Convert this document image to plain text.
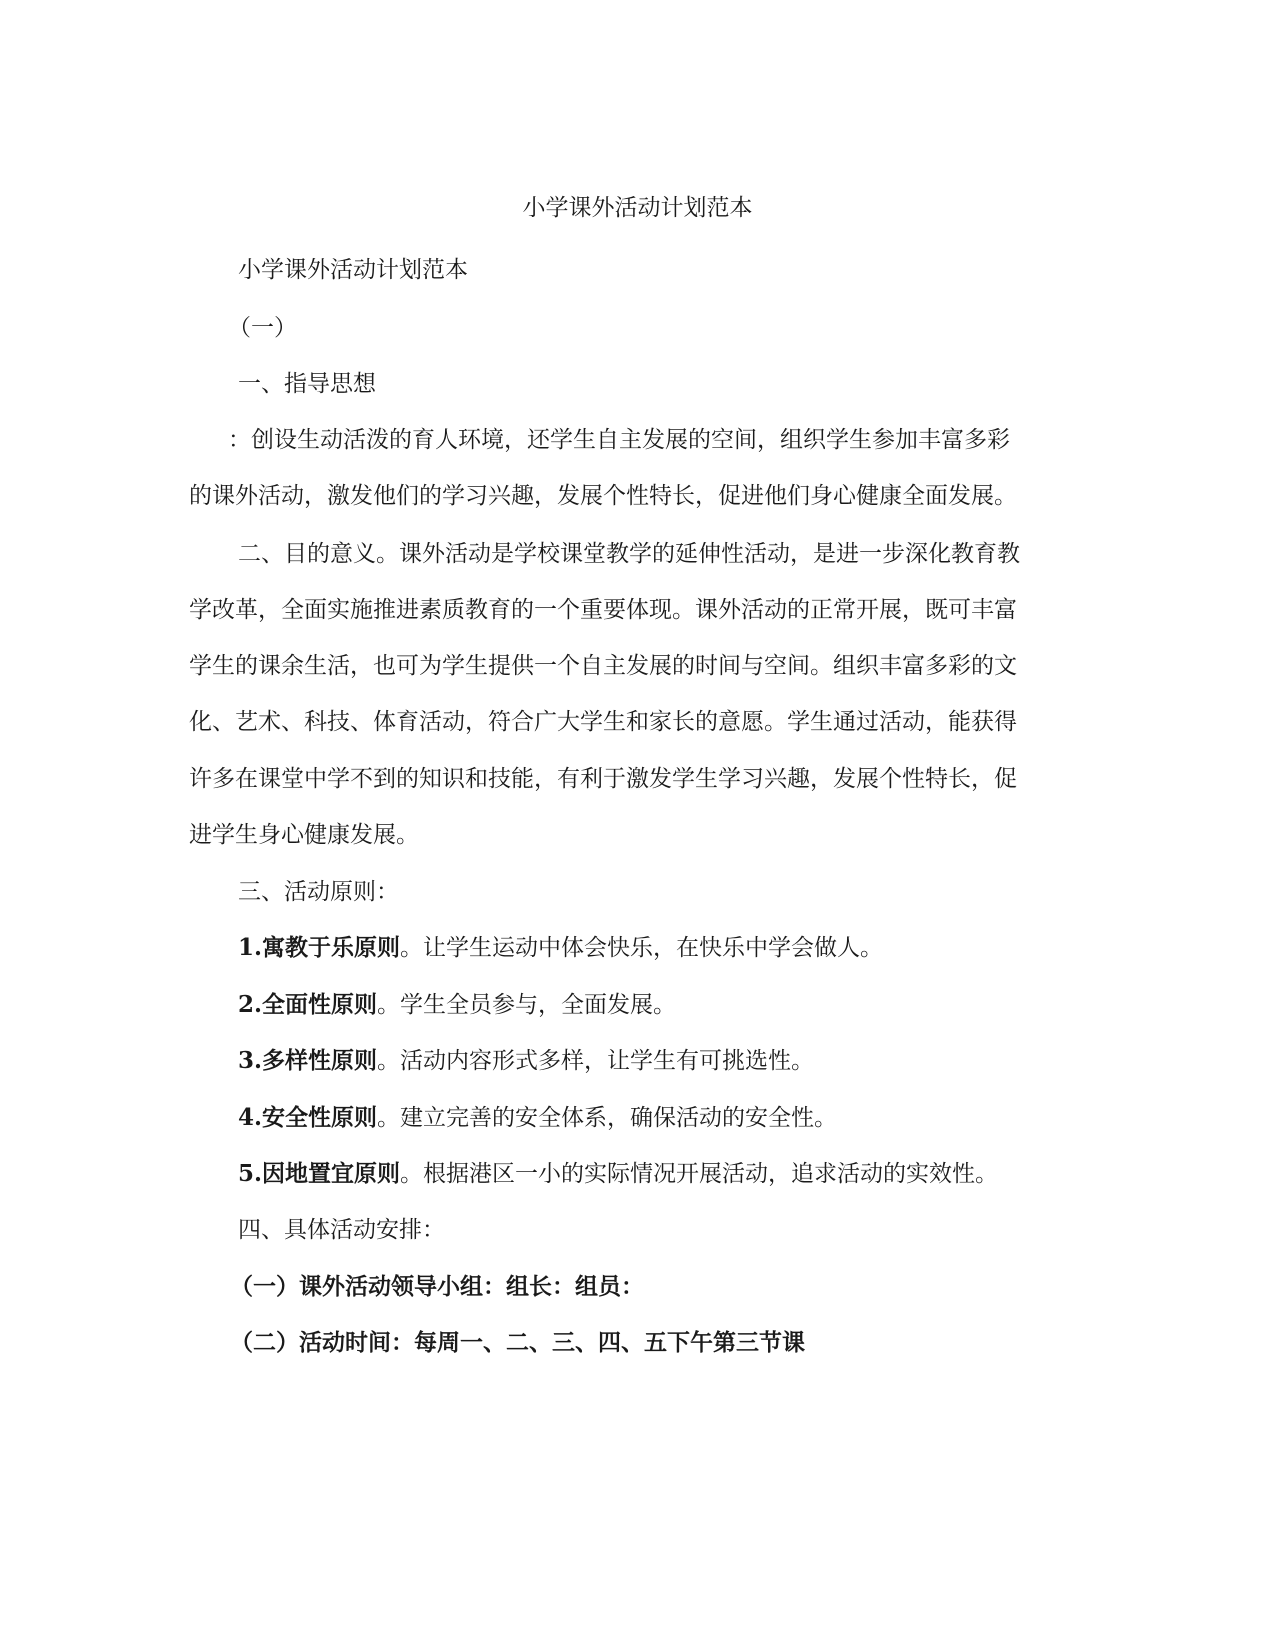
小学课外活动计划范本
小学课外活动计划范本
（一）
一、指导思想
：创设生动活泼的育人环境，还学生自主发展的空间，组织学生参加丰富多彩
的课外活动，激发他们的学习兴趣，发展个性特长，促进他们身心健康全面发展。
二、目的意义。课外活动是学校课堂教学的延伸性活动，是进一步深化教育教
学改革，全面实施推进素质教育的一个重要体现。课外活动的正常开展，既可丰富
学生的课余生活，也可为学生提供一个自主发展的时间与空间。组织丰富多彩的文
化、艺术、科技、体育活动，符合广大学生和家长的意愿。学生通过活动，能获得
许多在课堂中学不到的知识和技能，有利于激发学生学习兴趣，发展个性特长，促
进学生身心健康发展。
三、活动原则：
1.寓教于乐原则。让学生运动中体会快乐，在快乐中学会做人。
2.全面性原则。学生全员参与，全面发展。
3.多样性原则。活动内容形式多样，让学生有可挑选性。
4.安全性原则。建立完善的安全体系，确保活动的安全性。
5.因地置宜原则。根据港区一小的实际情况开展活动，追求活动的实效性。
四、具体活动安排：
（一）课外活动领导小组：组长：组员：
（二）活动时间：每周一、二、三、四、五下午第三节课
